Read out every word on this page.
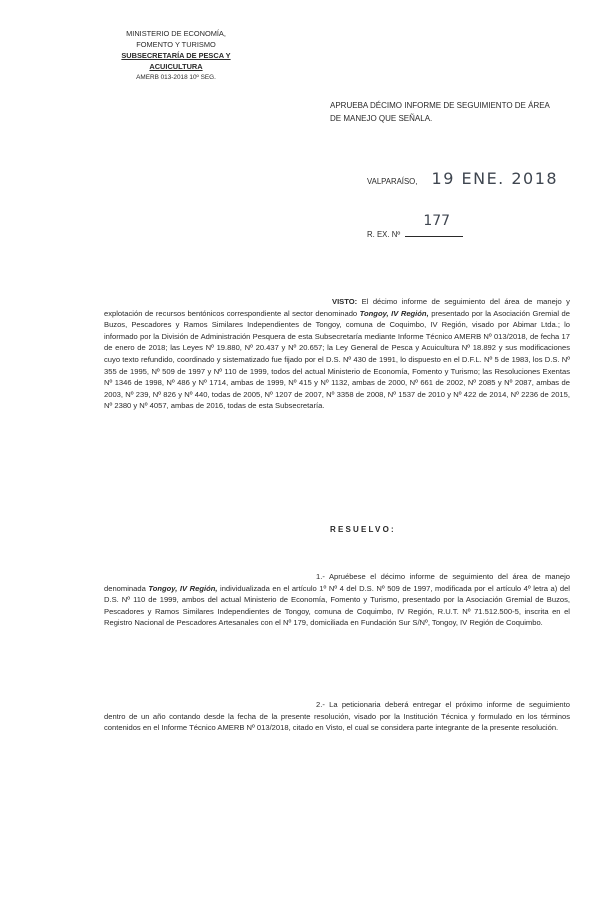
MINISTERIO DE ECONOMÍA,
FOMENTO Y TURISMO
SUBSECRETARÍA DE PESCA Y ACUICULTURA
AMERB 013-2018 10º SEG.
APRUEBA DÉCIMO INFORME DE SEGUIMIENTO DE ÁREA DE MANEJO QUE SEÑALA.
VALPARAÍSO, 19 ENE. 2018
R. EX. Nº
177
VISTO: El décimo informe de seguimiento del área de manejo y explotación de recursos bentónicos correspondiente al sector denominado Tongoy, IV Región, presentado por la Asociación Gremial de Buzos, Pescadores y Ramos Similares Independientes de Tongoy, comuna de Coquimbo, IV Región, visado por Abimar Ltda.; lo informado por la División de Administración Pesquera de esta Subsecretaría mediante Informe Técnico AMERB Nº 013/2018, de fecha 17 de enero de 2018; las Leyes Nº 19.880, Nº 20.437 y Nº 20.657; la Ley General de Pesca y Acuicultura Nº 18.892 y sus modificaciones cuyo texto refundido, coordinado y sistematizado fue fijado por el D.S. Nº 430 de 1991, lo dispuesto en el D.F.L. Nº 5 de 1983, los D.S. Nº 355 de 1995, Nº 509 de 1997 y Nº 110 de 1999, todos del actual Ministerio de Economía, Fomento y Turismo; las Resoluciones Exentas Nº 1346 de 1998, Nº 486 y Nº 1714, ambas de 1999, Nº 415 y Nº 1132, ambas de 2000, Nº 661 de 2002, Nº 2085 y Nº 2087, ambas de 2003, Nº 239, Nº 826 y Nº 440, todas de 2005, Nº 1207 de 2007, Nº 3358 de 2008, Nº 1537 de 2010 y Nº 422 de 2014, Nº 2236 de 2015, Nº 2380 y Nº 4057, ambas de 2016, todas de esta Subsecretaría.
RESUELVO:
1.- Apruébese el décimo informe de seguimiento del área de manejo denominada Tongoy, IV Región, individualizada en el artículo 1º Nº 4 del D.S. Nº 509 de 1997, modificada por el artículo 4º letra a) del D.S. Nº 110 de 1999, ambos del actual Ministerio de Economía, Fomento y Turismo, presentado por la Asociación Gremial de Buzos, Pescadores y Ramos Similares Independientes de Tongoy, comuna de Coquimbo, IV Región, R.U.T. Nº 71.512.500-5, inscrita en el Registro Nacional de Pescadores Artesanales con el Nº 179, domiciliada en Fundación Sur S/Nº, Tongoy, IV Región de Coquimbo.
2.- La peticionaria deberá entregar el próximo informe de seguimiento dentro de un año contando desde la fecha de la presente resolución, visado por la Institución Técnica y formulado en los términos contenidos en el Informe Técnico AMERB Nº 013/2018, citado en Visto, el cual se considera parte integrante de la presente resolución.
